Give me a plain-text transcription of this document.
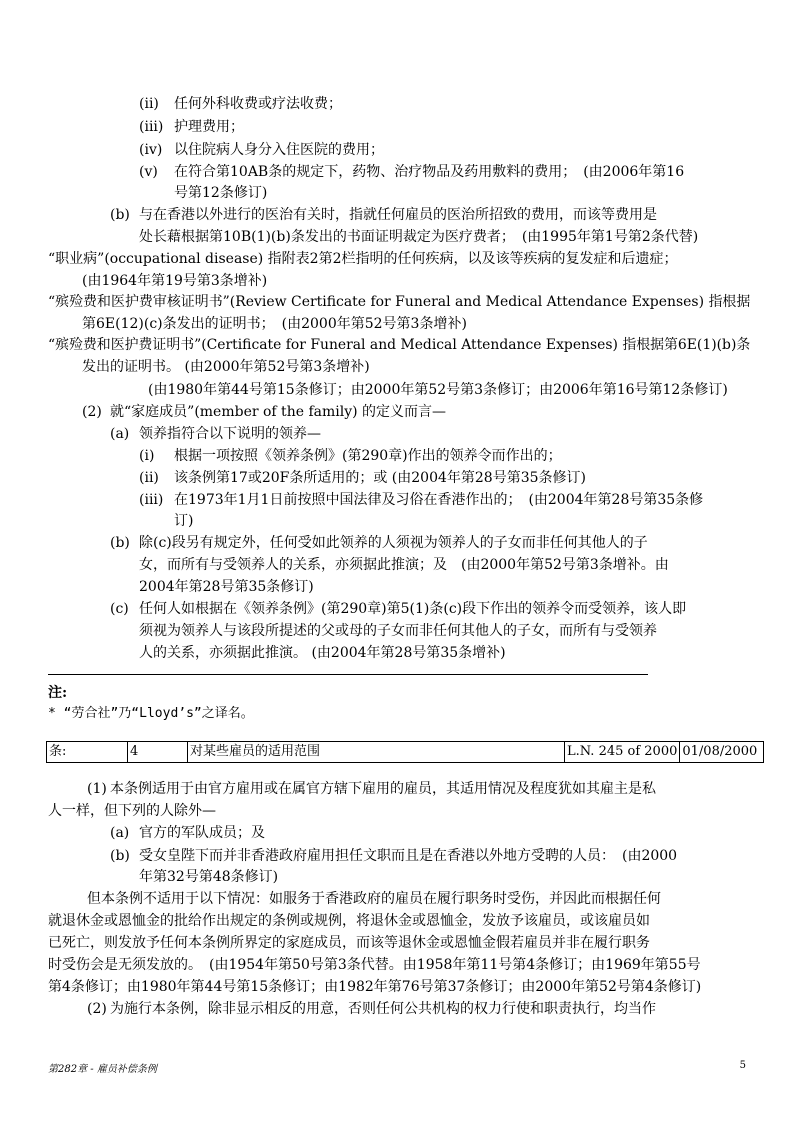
(ii) 任何外科收费或疗法收费；
(iii) 护理费用；
(iv) 以住院病人身分入住医院的费用；
(v) 在符合第10AB条的规定下，药物、治疗物品及药用敷料的费用；　(由2006年第16
号第12条修订)
(b) 与在香港以外进行的医治有关时，指就任何雇员的医治所招致的费用，而该等费用是
处长藉根据第10B(1)(b)条发出的书面证明裁定为医疗费者；　(由1995年第1号第2条代替)
“职业病”(occupational disease) 指附表2第2栏指明的任何疾病，以及该等疾病的复发症和后遗症；
(由1964年第19号第3条增补)
“殡殓费和医护费审核证明书”(Review Certificate for Funeral and Medical Attendance Expenses) 指根据
第6E(12)(c)条发出的证明书；　(由2000年第52号第3条增补)
“殡殓费和医护费证明书”(Certificate for Funeral and Medical Attendance Expenses) 指根据第6E(1)(b)条
发出的证明书。 (由2000年第52号第3条增补)
(由1980年第44号第15条修订；由2000年第52号第3条修订；由2006年第16号第12条修订)
(2) 就“家庭成员”(member of the family) 的定义而言—
(a) 领养指符合以下说明的领养—
(i) 根据一项按照《领养条例》(第290章)作出的领养令而作出的；
(ii) 该条例第17或20F条所适用的；或 (由2004年第28号第35条修订)
(iii) 在1973年1月1日前按照中国法律及习俗在香港作出的；　(由2004年第28号第35条修
订)
(b) 除(c)段另有规定外，任何受如此领养的人须视为领养人的子女而非任何其他人的子
女，而所有与受领养人的关系，亦须据此推演；及　(由2000年第52号第3条增补。由
2004年第28号第35条修订)
(c) 任何人如根据在《领养条例》(第290章)第5(1)条(c)段下作出的领养令而受领养，该人即
须视为领养人与该段所提述的父或母的子女而非任何其他人的子女，而所有与受领养
人的关系，亦须据此推演。 (由2004年第28号第35条增补)
注:
* “劳合社”乃“Lloyd’s”之译名。
条:	4	对某些雇员的适用范围	L.N. 245 of 2000	01/08/2000
(1) 本条例适用于由官方雇用或在属官方辖下雇用的雇员，其适用情况及程度犹如其雇主是私
人一样，但下列的人除外—
(a) 官方的军队成员；及
(b) 受女皇陛下而并非香港政府雇用担任文职而且是在香港以外地方受聘的人员：　(由2000
年第32号第48条修订)
但本条例不适用于以下情况：如服务于香港政府的雇员在履行职务时受伤，并因此而根据任何
就退休金或恩恤金的批给作出规定的条例或规例，将退休金或恩恤金，发放予该雇员，或该雇员如
已死亡，则发放予任何本条例所界定的家庭成员，而该等退休金或恩恤金假若雇员并非在履行职务
时受伤会是无须发放的。　(由1954年第50号第3条代替。由1958年第11号第4条修订；由1969年第55号
第4条修订；由1980年第44号第15条修订；由1982年第76号第37条修订；由2000年第52号第4条修订)
(2) 为施行本条例，除非显示相反的用意，否则任何公共机构的权力行使和职责执行，均当作
第282章 - 雇员补偿条例	5
